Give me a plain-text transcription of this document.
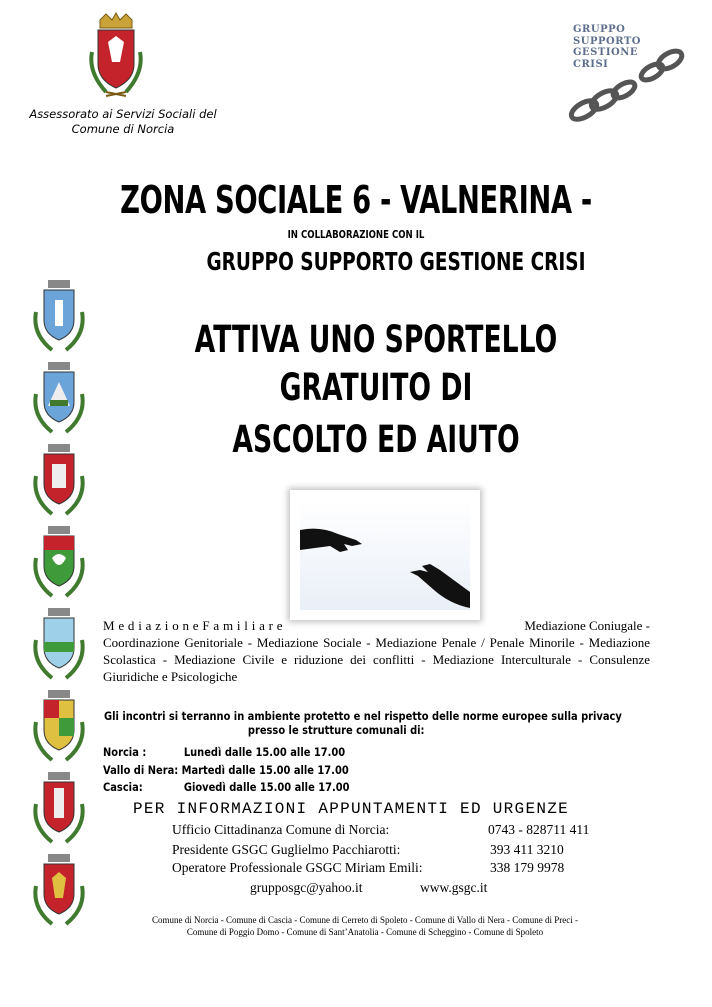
Assessorato ai Servizi Sociali del
Comune di Norcia
GRUPPO
SUPPORTO
GESTIONE
CRISI
ZONA SOCIALE 6 - VALNERINA -
IN COLLABORAZIONE CON IL
GRUPPO SUPPORTO GESTIONE CRISI
ATTIVA UNO SPORTELLO
GRATUITO DI
ASCOLTO ED AIUTO
MediazioneFamiliare	Mediazione Coniugale -
Coordinazione Genitoriale - Mediazione Sociale - Mediazione Penale / Penale Minorile - Mediazione Scolastica - Mediazione Civile e riduzione dei conflitti - Mediazione Interculturale - Consulenze Giuridiche e Psicologiche
Gli incontri si terranno in ambiente protetto e nel rispetto delle norme europee sulla privacy
presso le strutture comunali di:
Norcia :	Lunedì dalle 15.00 alle 17.00
Vallo di Nera: Martedì dalle 15.00 alle 17.00
Cascia:	Giovedì dalle 15.00 alle 17.00
PER INFORMAZIONI APPUNTAMENTI ED URGENZE
Ufficio Cittadinanza Comune di Norcia:	0743 - 828711 411
Presidente GSGC Guglielmo Pacchiarotti:	393 411 3210
Operatore Professionale GSGC Miriam Emili:	338 179 9978
grupposgc@yahoo.it	www.gsgc.it
Comune di Norcia - Comune di Cascia - Comune di Cerreto di Spoleto - Comune di Vallo di Nera - Comune di Preci -
Comune di Poggio Domo - Comune di Sant’Anatolia - Comune di Scheggino - Comune di Spoleto
